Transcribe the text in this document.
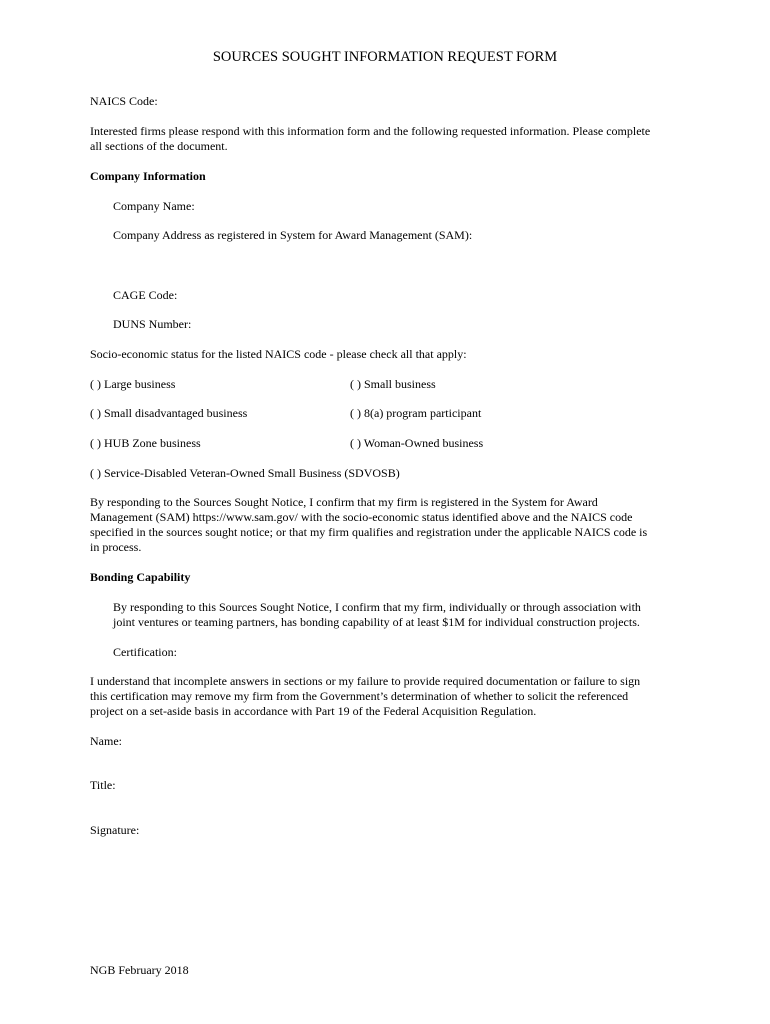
SOURCES SOUGHT INFORMATION REQUEST FORM
NAICS Code:
Interested firms please respond with this information form and the following requested information. Please complete
all sections of the document.
Company Information
Company Name:
Company Address as registered in System for Award Management (SAM):
CAGE Code:
DUNS Number:
Socio-economic status for the listed NAICS code - please check all that apply:
( ) Large business	( ) Small business
( ) Small disadvantaged business	( ) 8(a) program participant
( ) HUB Zone business	( ) Woman-Owned business
( ) Service-Disabled Veteran-Owned Small Business (SDVOSB)
By responding to the Sources Sought Notice, I confirm that my firm is registered in the System for Award
Management (SAM) https://www.sam.gov/ with the socio-economic status identified above and the NAICS code
specified in the sources sought notice; or that my firm qualifies and registration under the applicable NAICS code is
in process.
Bonding Capability
By responding to this Sources Sought Notice, I confirm that my firm, individually or through association with
joint ventures or teaming partners, has bonding capability of at least $1M for individual construction projects.
Certification:
I understand that incomplete answers in sections or my failure to provide required documentation or failure to sign
this certification may remove my firm from the Government’s determination of whether to solicit the referenced
project on a set-aside basis in accordance with Part 19 of the Federal Acquisition Regulation.
Name:
Title:
Signature:
NGB February 2018
